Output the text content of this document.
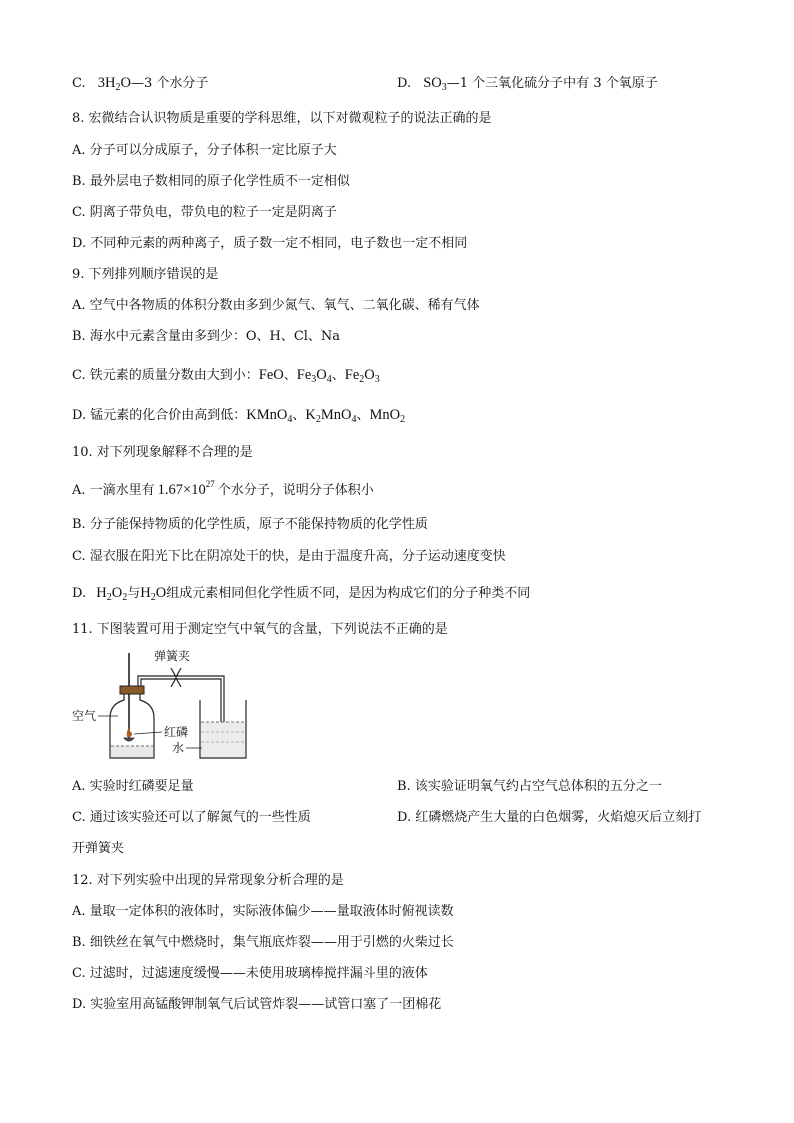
C. $3H_2O—3$ 个水分子	D. $SO_3—1$ 个三氧化硫分子中有 3 个氧原子
8. 宏微结合认识物质是重要的学科思维，以下对微观粒子的说法正确的是
A. 分子可以分成原子，分子体积一定比原子大
B. 最外层电子数相同的原子化学性质不一定相似
C. 阴离子带负电，带负电的粒子一定是阴离子
D. 不同种元素的两种离子，质子数一定不相同，电子数也一定不相同
9. 下列排列顺序错误的是
A. 空气中各物质的体积分数由多到少氮气、氧气、二氧化碳、稀有气体
B. 海水中元素含量由多到少：O、H、Cl、Na
C. 铁元素的质量分数由大到小：FeO、$Fe_3O_4$、$Fe_2O_3$
D. 锰元素的化合价由高到低：KMnO$_4$、$K_2MnO_4$、MnO$_2$
10. 对下列现象解释不合理的是
A. 一滴水里有 $1.67\times 10^{27}$ 个水分子，说明分子体积小
B. 分子能保持物质的化学性质，原子不能保持物质的化学性质
C. 湿衣服在阳光下比在阴凉处干的快，是由于温度升高，分子运动速度变快
D. $H_2O_2$与$H_2O$组成元素相同但化学性质不同，是因为构成它们的分子种类不同
11. 下图装置可用于测定空气中氧气的含量，下列说法不正确的是
弹簧夹
空气
红磷
水
A. 实验时红磷要足量	B. 该实验证明氧气约占空气总体积的五分之一
C. 通过该实验还可以了解氮气的一些性质	D. 红磷燃烧产生大量的白色烟雾，火焰熄灭后立刻打
开弹簧夹
12. 对下列实验中出现的异常现象分析合理的是
A. 量取一定体积的液体时，实际液体偏少——量取液体时俯视读数
B. 细铁丝在氧气中燃烧时，集气瓶底炸裂——用于引燃的火柴过长
C. 过滤时，过滤速度缓慢——未使用玻璃棒搅拌漏斗里的液体
D. 实验室用高锰酸钾制氧气后试管炸裂——试管口塞了一团棉花
